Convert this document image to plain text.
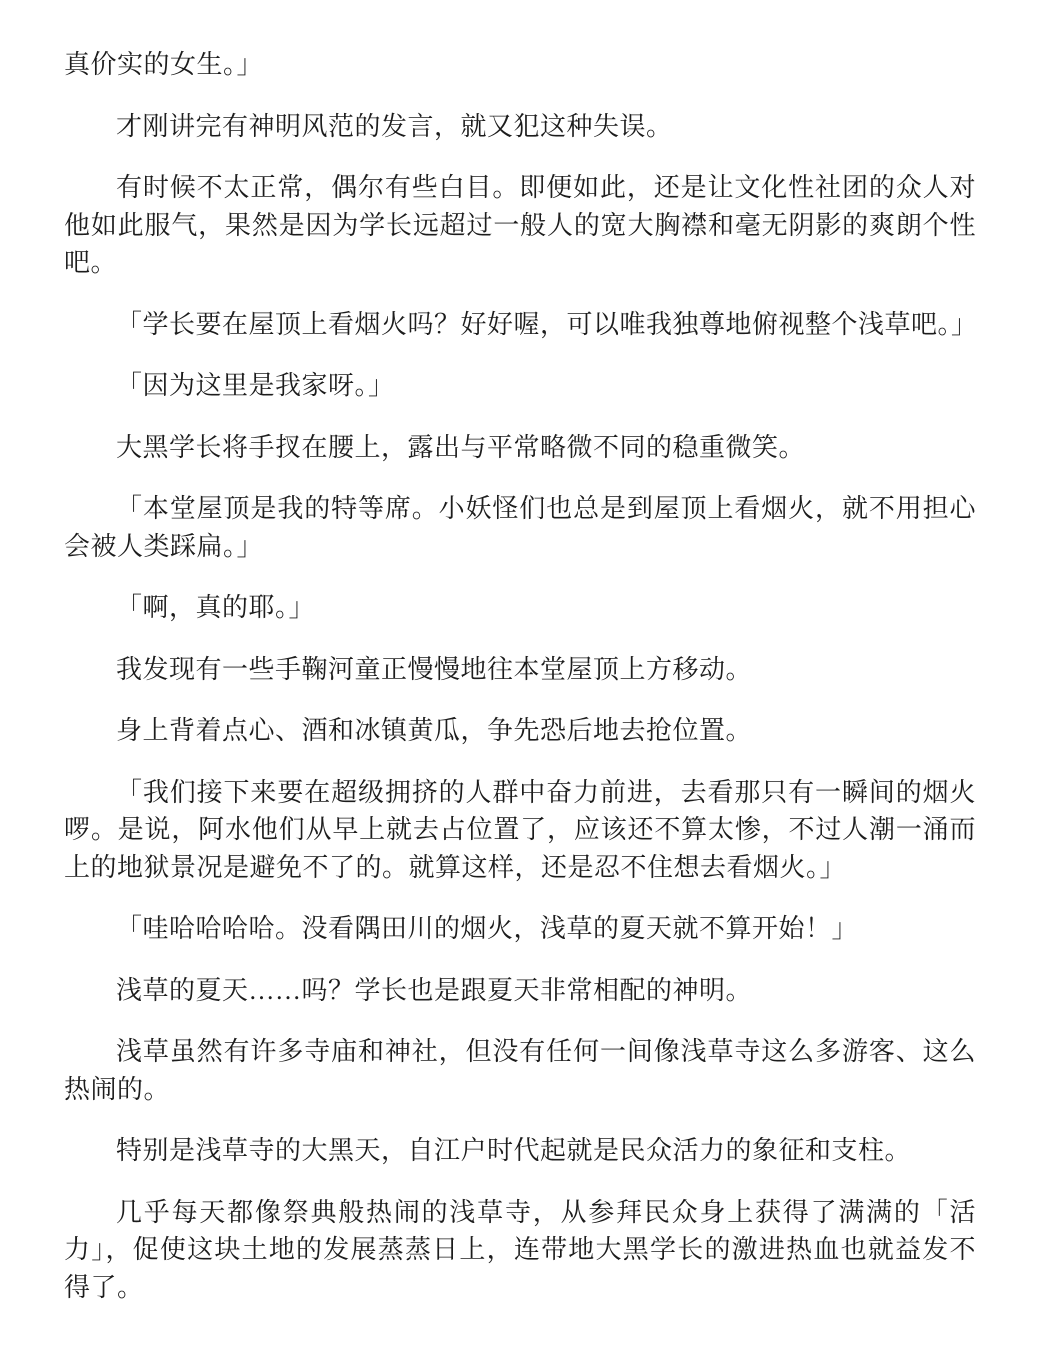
真价实的女生。」

才刚讲完有神明风范的发言，就又犯这种失误。

有时候不太正常，偶尔有些白目。即便如此，还是让文化性社团的众人对他如此服气，果然是因为学长远超过一般人的宽大胸襟和毫无阴影的爽朗个性吧。

「学长要在屋顶上看烟火吗？好好喔，可以唯我独尊地俯视整个浅草吧。」

「因为这里是我家呀。」

大黑学长将手扠在腰上，露出与平常略微不同的稳重微笑。

「本堂屋顶是我的特等席。小妖怪们也总是到屋顶上看烟火，就不用担心会被人类踩扁。」

「啊，真的耶。」

我发现有一些手鞠河童正慢慢地往本堂屋顶上方移动。

身上背着点心、酒和冰镇黄瓜，争先恐后地去抢位置。

「我们接下来要在超级拥挤的人群中奋力前进，去看那只有一瞬间的烟火啰。是说，阿水他们从早上就去占位置了，应该还不算太惨，不过人潮一涌而上的地狱景况是避免不了的。就算这样，还是忍不住想去看烟火。」

「哇哈哈哈哈。没看隅田川的烟火，浅草的夏天就不算开始！」

浅草的夏天……吗？学长也是跟夏天非常相配的神明。

浅草虽然有许多寺庙和神社，但没有任何一间像浅草寺这么多游客、这么热闹的。

特别是浅草寺的大黑天，自江户时代起就是民众活力的象征和支柱。

几乎每天都像祭典般热闹的浅草寺，从参拜民众身上获得了满满的「活力」，促使这块土地的发展蒸蒸日上，连带地大黑学长的激进热血也就益发不得了。
